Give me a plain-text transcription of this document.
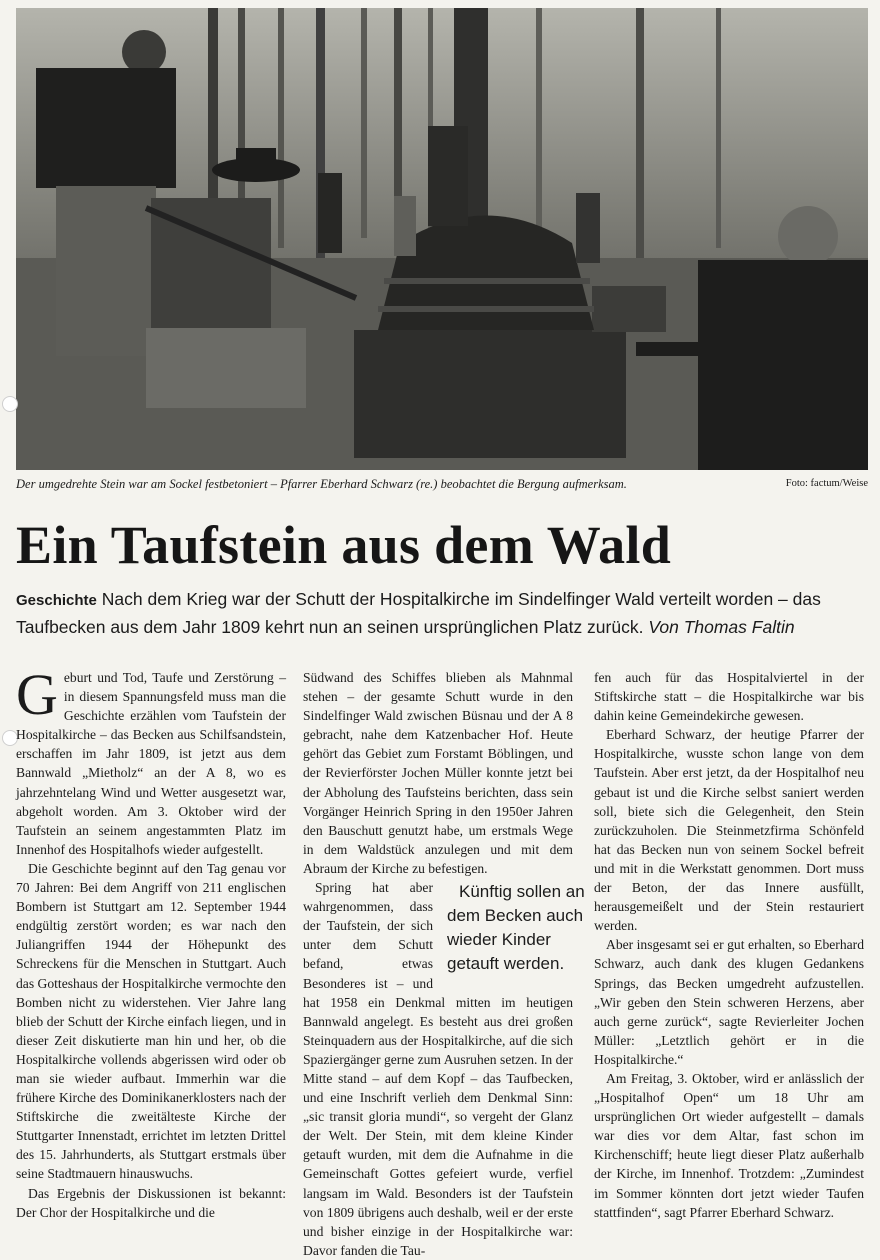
Der umgedrehte Stein war am Sockel festbetoniert – Pfarrer Eberhard Schwarz (re.) beobachtet die Bergung aufmerksam.	Foto: factum/Weise
Ein Taufstein aus dem Wald
Geschichte Nach dem Krieg war der Schutt der Hospitalkirche im Sindelfinger Wald verteilt worden – das Taufbecken aus dem Jahr 1809 kehrt nun an seinen ursprünglichen Platz zurück. Von Thomas Faltin

Geburt und Tod, Taufe und Zerstörung – in diesem Spannungsfeld muss man die Geschichte erzählen vom Taufstein der Hospitalkirche – das Becken aus Schilfsandstein, erschaffen im Jahr 1809, ist jetzt aus dem Bannwald „Mietholz“ an der A 8, wo es jahrzehntelang Wind und Wetter ausgesetzt war, abgeholt worden. Am 3. Oktober wird der Taufstein an seinem angestammten Platz im Innenhof des Hospitalhofs wieder aufgestellt.

Die Geschichte beginnt auf den Tag genau vor 70 Jahren: Bei dem Angriff von 211 englischen Bombern ist Stuttgart am 12. September 1944 endgültig zerstört worden; es war nach den Juliangriffen 1944 der Höhepunkt des Schreckens für die Menschen in Stuttgart. Auch das Gotteshaus der Hospitalkirche vermochte den Bomben nicht zu widerstehen. Vier Jahre lang blieb der Schutt der Kirche einfach liegen, und in dieser Zeit diskutierte man hin und her, ob die Hospitalkirche vollends abgerissen wird oder ob man sie wieder aufbaut. Immerhin war die frühere Kirche des Dominikanerklosters nach der Stiftskirche die zweitälteste Kirche der Stuttgarter Innenstadt, errichtet im letzten Drittel des 15. Jahrhunderts, als Stuttgart erstmals über seine Stadtmauern hinauswuchs.

Das Ergebnis der Diskussionen ist bekannt: Der Chor der Hospitalkirche und die

Südwand des Schiffes blieben als Mahnmal stehen – der gesamte Schutt wurde in den Sindelfinger Wald zwischen Büsnau und der A 8 gebracht, nahe dem Katzenbacher Hof. Heute gehört das Gebiet zum Forstamt Böblingen, und der Revierförster Jochen Müller konnte jetzt bei der Abholung des Taufsteins berichten, dass sein Vorgänger Heinrich Spring in den 1950er Jahren den Bauschutt genutzt habe, um erstmals Wege in dem Waldstück anzulegen und mit dem Abraum der Kirche zu befestigen.

Künftig sollen an dem Becken auch wieder Kinder getauft werden.
Spring hat aber wahrgenommen, dass der Taufstein, der sich unter dem Schutt befand, etwas Besonderes ist – und hat 1958 ein Denkmal mitten im heutigen Bannwald angelegt. Es besteht aus drei großen Steinquadern aus der Hospitalkirche, auf die sich Spaziergänger gerne zum Ausruhen setzen. In der Mitte stand – auf dem Kopf – das Taufbecken, und eine Inschrift verlieh dem Denkmal Sinn: „sic transit gloria mundi“, so vergeht der Glanz der Welt. Der Stein, mit dem kleine Kinder getauft wurden, mit dem die Aufnahme in die Gemeinschaft Gottes gefeiert wurde, verfiel langsam im Wald. Besonders ist der Taufstein von 1809 übrigens auch deshalb, weil er der erste und bisher einzige in der Hospitalkirche war: Davor fanden die Tau-

fen auch für das Hospitalviertel in der Stiftskirche statt – die Hospitalkirche war bis dahin keine Gemeindekirche gewesen.

Eberhard Schwarz, der heutige Pfarrer der Hospitalkirche, wusste schon lange von dem Taufstein. Aber erst jetzt, da der Hospitalhof neu gebaut ist und die Kirche selbst saniert werden soll, biete sich die Gelegenheit, den Stein zurückzuholen. Die Steinmetzfirma Schönfeld hat das Becken nun von seinem Sockel befreit und mit in die Werkstatt genommen. Dort muss der Beton, der das Innere ausfüllt, herausgemeißelt und der Stein restauriert werden.

Aber insgesamt sei er gut erhalten, so Eberhard Schwarz, auch dank des klugen Gedankens Springs, das Becken umgedreht aufzustellen. „Wir geben den Stein schweren Herzens, aber auch gerne zurück“, sagte Revierleiter Jochen Müller: „Letztlich gehört er in die Hospitalkirche.“

Am Freitag, 3. Oktober, wird er anlässlich der „Hospitalhof Open“ um 18 Uhr am ursprünglichen Ort wieder aufgestellt – damals war dies vor dem Altar, fast schon im Kirchenschiff; heute liegt dieser Platz außerhalb der Kirche, im Innenhof. Trotzdem: „Zumindest im Sommer könnten dort jetzt wieder Taufen stattfinden“, sagt Pfarrer Eberhard Schwarz.
